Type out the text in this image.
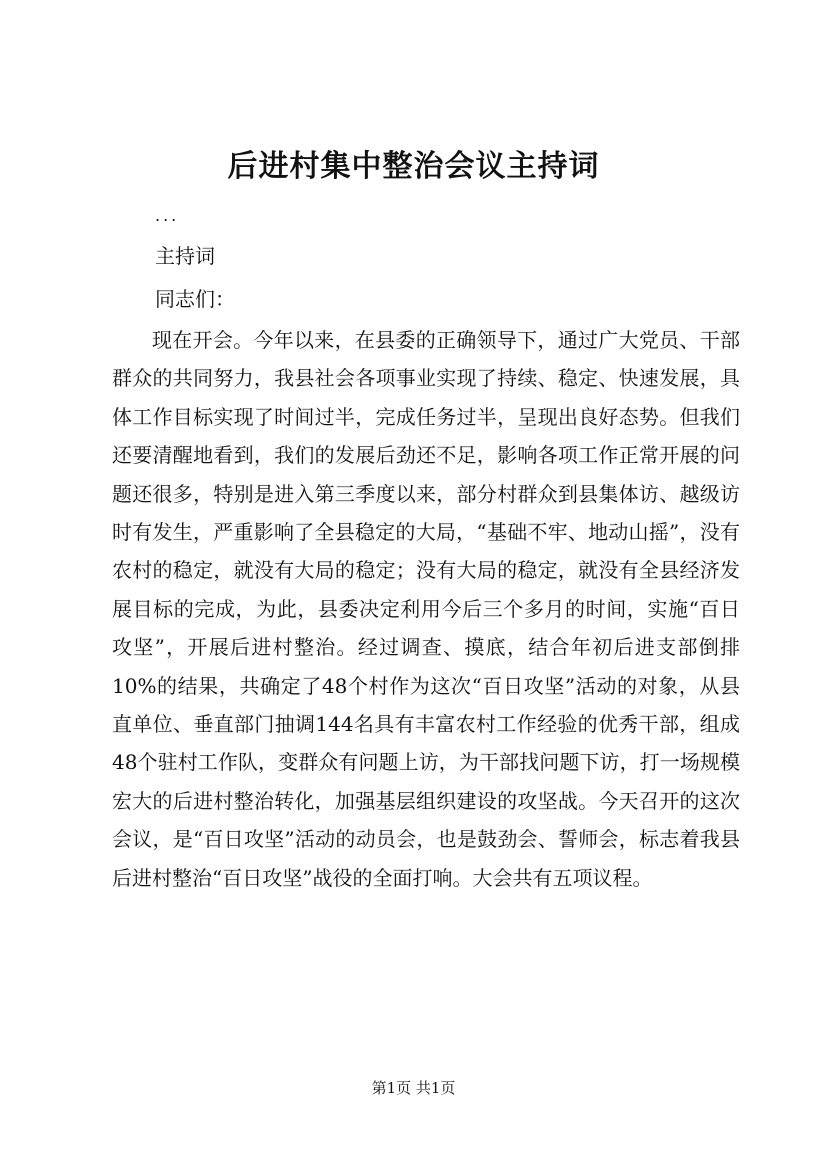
后进村集中整治会议主持词

...

主持词

同志们：

现在开会。今年以来，在县委的正确领导下，通过广大党员、干部群众的共同努力，我县社会各项事业实现了持续、稳定、快速发展，具体工作目标实现了时间过半，完成任务过半，呈现出良好态势。但我们还要清醒地看到，我们的发展后劲还不足，影响各项工作正常开展的问题还很多，特别是进入第三季度以来，部分村群众到县集体访、越级访时有发生，严重影响了全县稳定的大局，“基础不牢、地动山摇”，没有农村的稳定，就没有大局的稳定；没有大局的稳定，就没有全县经济发展目标的完成，为此，县委决定利用今后三个多月的时间，实施“百日攻坚”，开展后进村整治。经过调查、摸底，结合年初后进支部倒排10%的结果，共确定了48个村作为这次“百日攻坚”活动的对象，从县直单位、垂直部门抽调144名具有丰富农村工作经验的优秀干部，组成48个驻村工作队，变群众有问题上访，为干部找问题下访，打一场规模宏大的后进村整治转化，加强基层组织建设的攻坚战。今天召开的这次会议，是“百日攻坚”活动的动员会，也是鼓劲会、誓师会，标志着我县后进村整治“百日攻坚”战役的全面打响。大会共有五项议程。

第1页 共1页
